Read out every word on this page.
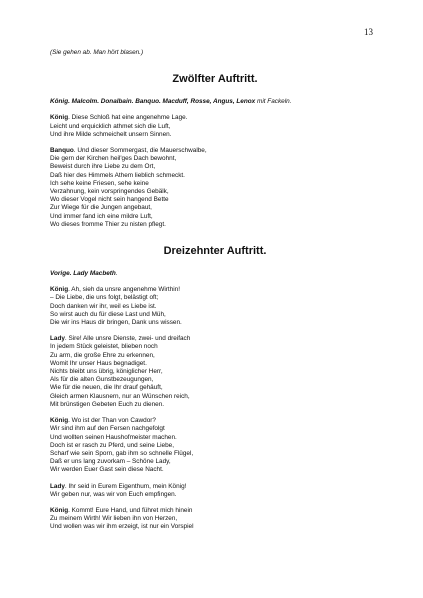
13

(Sie gehen ab. Man hört blasen.)

Zwölfter Auftritt.

König. Malcolm. Donalbain. Banquo. Macduff, Rosse, Angus, Lenox mit Fackeln.

König. Diese Schloß hat eine angenehme Lage.
Leicht und erquicklich athmet sich die Luft,
Und ihre Milde schmeichelt unsern Sinnen.

Banquo. Und dieser Sommergast, die Mauerschwalbe,
Die gern der Kirchen heil'ges Dach bewohnt,
Beweist durch ihre Liebe zu dem Ort,
Daß hier des Himmels Athem lieblich schmeckt.
Ich sehe keine Friesen, sehe keine
Verzahnung, kein vorspringendes Gebälk,
Wo dieser Vogel nicht sein hangend Bette
Zur Wiege für die Jungen angebaut,
Und immer fand ich eine mildre Luft,
Wo dieses fromme Thier zu nisten pflegt.

Dreizehnter Auftritt.

Vorige. Lady Macbeth.

König. Ah, sieh da unsre angenehme Wirthin!
– Die Liebe, die uns folgt, belästigt oft;
Doch danken wir ihr, weil es Liebe ist.
So wirst auch du für diese Last und Müh,
Die wir ins Haus dir bringen, Dank uns wissen.

Lady. Sire! Alle unsre Dienste, zwei- und dreifach
In jedem Stück geleistet, blieben noch
Zu arm, die große Ehre zu erkennen,
Womit Ihr unser Haus begnadiget.
Nichts bleibt uns übrig, königlicher Herr,
Als für die alten Gunstbezeugungen,
Wie für die neuen, die Ihr drauf gehäuft,
Gleich armen Klausnern, nur an Wünschen reich,
Mit brünstigen Gebeten Euch zu dienen.

König. Wo ist der Than von Cawdor?
Wir sind ihm auf den Fersen nachgefolgt
Und wollten seinen Haushofmeister machen.
Doch ist er rasch zu Pferd, und seine Liebe,
Scharf wie sein Sporn, gab ihm so schnelle Flügel,
Daß er uns lang zuvorkam – Schöne Lady,
Wir werden Euer Gast sein diese Nacht.

Lady. Ihr seid in Eurem Eigenthum, mein König!
Wir geben nur, was wir von Euch empfingen.

König. Kommt! Eure Hand, und führet mich hinein
Zu meinem Wirth! Wir lieben ihn von Herzen,
Und wollen was wir ihm erzeigt, ist nur ein Vorspiel
